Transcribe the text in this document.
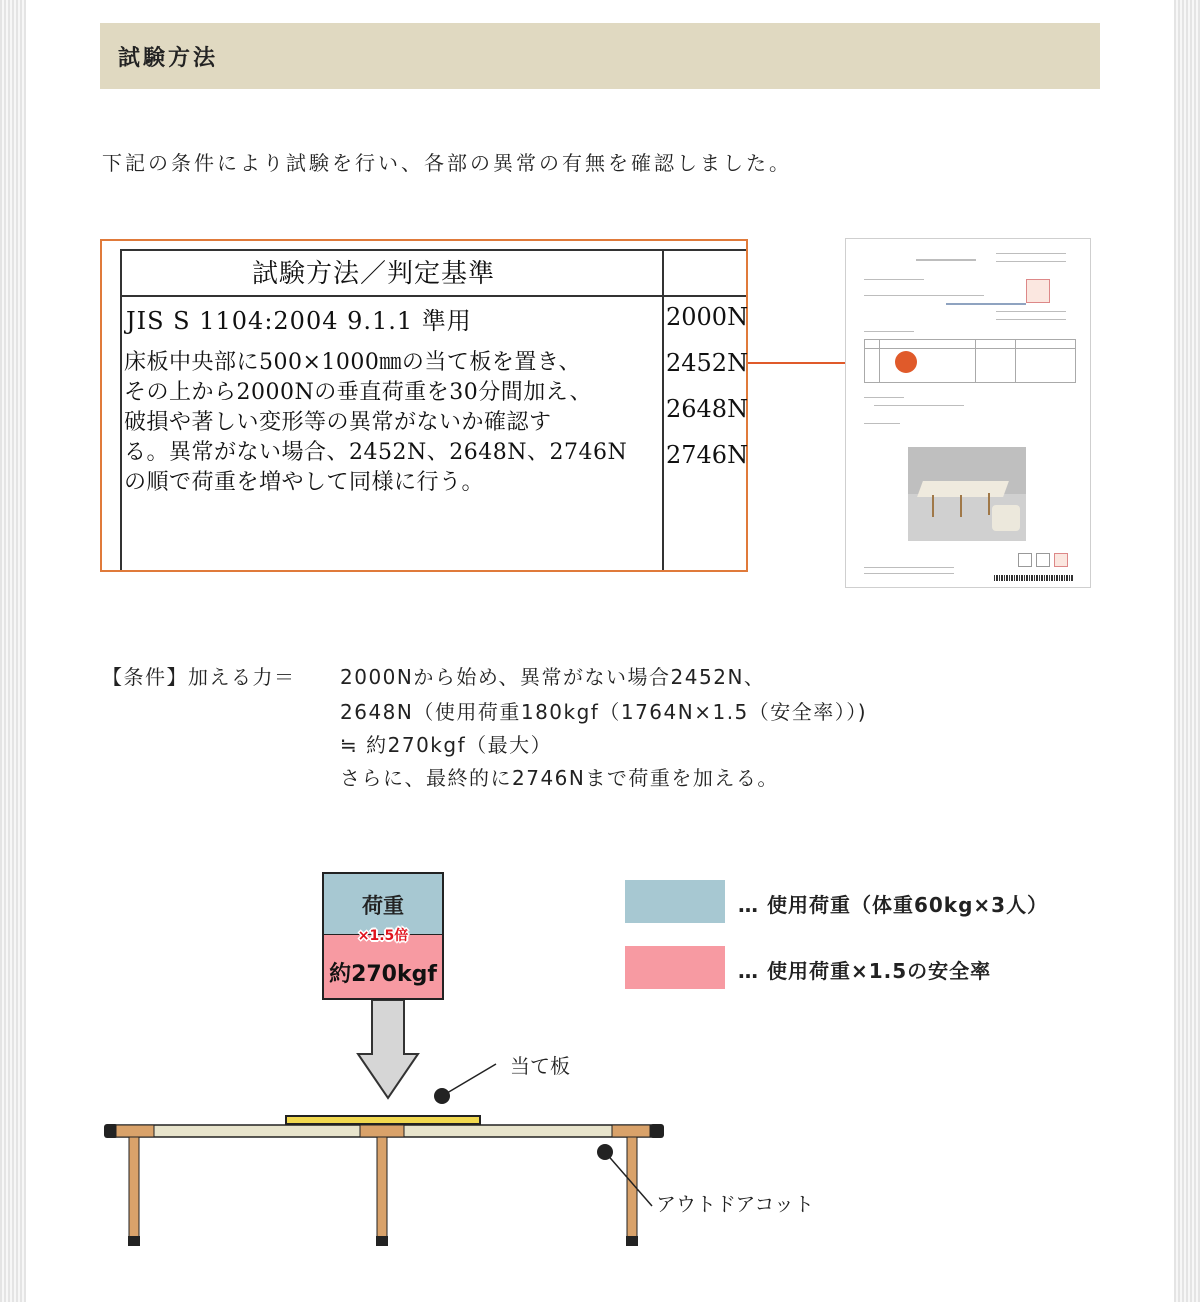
試験方法
下記の条件により試験を行い、各部の異常の有無を確認しました。
試験方法／判定基準
JIS S 1104:2004 9.1.1 準用
床板中央部に500×1000㎜の当て板を置き、
その上から2000Nの垂直荷重を30分間加え、
破損や著しい変形等の異常がないか確認す
る。異常がない場合、2452N、2648N、2746N
の順で荷重を増やして同様に行う。
2000N
2452N
2648N
2746N
【条件】加える力＝ 2000Nから始め、異常がない場合2452N、
2648N（使用荷重180kgf（1764N×1.5（安全率））)
≒ 約270kgf（最大）
さらに、最終的に2746Nまで荷重を加える。
荷重
約270kgf
×1.5倍
当て板
アウトドアコット
… 使用荷重（体重60kg×3人）
… 使用荷重×1.5の安全率
